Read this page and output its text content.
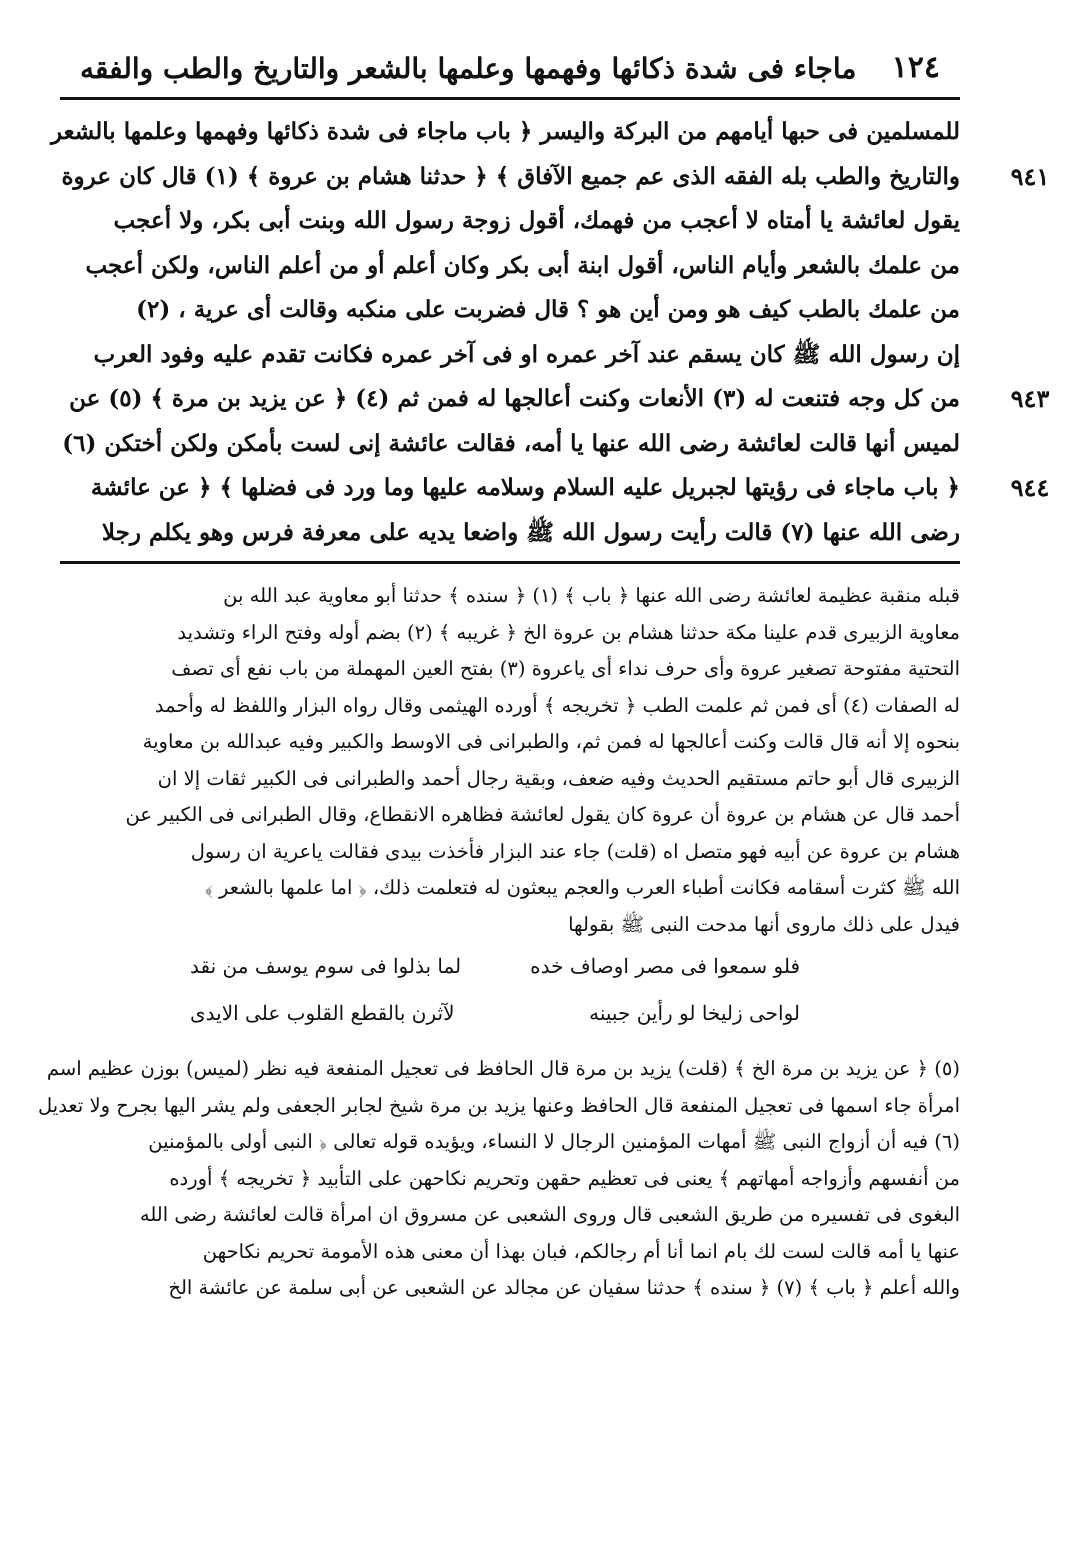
١٢٤
ماجاء فى شدة ذكائها وفهمها وعلمها بالشعر والتاريخ والطب والفقه
للمسلمين فى حبها أيامهم من البركة واليسر ﴿ باب ماجاء فى شدة ذكائها وفهمها وعلمها بالشعر
والتاريخ والطب بله الفقه الذى عم جميع الآفاق ﴾ ﴿ حدثنا هشام بن عروة ﴾ (١) قال كان عروة	٩٤١
يقول لعائشة يا أمتاه لا أعجب من فهمك، أقول زوجة رسول الله وبنت أبى بكر، ولا أعجب
من علمك بالشعر وأيام الناس، أقول ابنة أبى بكر وكان أعلم أو من أعلم الناس، ولكن أعجب
من علمك بالطب كيف هو ومن أين هو ؟ قال فضربت على منكبه وقالت أى عرية ، (٢)
إن رسول الله ﷺ كان يسقم عند آخر عمره او فى آخر عمره فكانت تقدم عليه وفود العرب
من كل وجه فتنعت له (٣) الأنعات وكنت أعالجها له فمن ثم (٤) ﴿ عن يزيد بن مرة ﴾ (٥) عن	٩٤٣
لميس أنها قالت لعائشة رضى الله عنها يا أمه، فقالت عائشة إنى لست بأمكن ولكن أختكن (٦)
﴿ باب ماجاء فى رؤيتها لجبريل عليه السلام وسلامه عليها وما ورد فى فضلها ﴾ ﴿ عن عائشة	٩٤٤
رضى الله عنها (٧) قالت رأيت رسول الله ﷺ واضعا يديه على معرفة فرس وهو يكلم رجلا
قبله منقبة عظيمة لعائشة رضى الله عنها ﴿ باب ﴾ (١) ﴿ سنده ﴾ حدثنا أبو معاوية عبد الله بن
معاوية الزبيرى قدم علينا مكة حدثنا هشام بن عروة الخ ﴿ غريبه ﴾ (٢) بضم أوله وفتح الراء وتشديد
التحتية مفتوحة تصغير عروة وأى حرف نداء أى ياعروة (٣) بفتح العين المهملة من باب نفع أى تصف
له الصفات (٤) أى فمن ثم علمت الطب ﴿ تخريجه ﴾ أورده الهيثمى وقال رواه البزار واللفظ له وأحمد
بنحوه إلا أنه قال قالت وكنت أعالجها له فمن ثم، والطبرانى فى الاوسط والكبير وفيه عبدالله بن معاوية
الزبيرى قال أبو حاتم مستقيم الحديث وفيه ضعف، وبقية رجال أحمد والطبرانى فى الكبير ثقات إلا ان
أحمد قال عن هشام بن عروة أن عروة كان يقول لعائشة فظاهره الانقطاع، وقال الطبرانى فى الكبير عن
هشام بن عروة عن أبيه فهو متصل اه (قلت) جاء عند البزار فأخذت بيدى فقالت ياعرية ان رسول
الله ﷺ كثرت أسقامه فكانت أطباء العرب والعجم يبعثون له فتعلمت ذلك، ﴿ اما علمها بالشعر ﴾
فيدل على ذلك ماروى أنها مدحت النبى ﷺ بقولها
فلو سمعوا فى مصر اوصاف خده
لما بذلوا فى سوم يوسف من نقد
لواحى زليخا لو رأين جبينه
لآثرن بالقطع القلوب على الايدى
(٥) ﴿ عن يزيد بن مرة الخ ﴾ (قلت) يزيد بن مرة قال الحافظ فى تعجيل المنفعة فيه نظر (لميس) بوزن عظيم اسم
امرأة جاء اسمها فى تعجيل المنفعة قال الحافظ وعنها يزيد بن مرة شيخ لجابر الجعفى ولم يشر اليها بجرح ولا تعديل
(٦) فيه أن أزواج النبى ﷺ أمهات المؤمنين الرجال لا النساء، ويؤيده قوله تعالى ﴿ النبى أولى بالمؤمنين
من أنفسهم وأزواجه أمهاتهم ﴾ يعنى فى تعظيم حقهن وتحريم نكاحهن على التأبيد ﴿ تخريجه ﴾ أورده
البغوى فى تفسيره من طريق الشعبى قال وروى الشعبى عن مسروق ان امرأة قالت لعائشة رضى الله
عنها يا أمه قالت لست لك بام انما أنا أم رجالكم، فبان بهذا أن معنى هذه الأمومة تحريم نكاحهن
والله أعلم ﴿ باب ﴾ (٧) ﴿ سنده ﴾ حدثنا سفيان عن مجالد عن الشعبى عن أبى سلمة عن عائشة الخ
